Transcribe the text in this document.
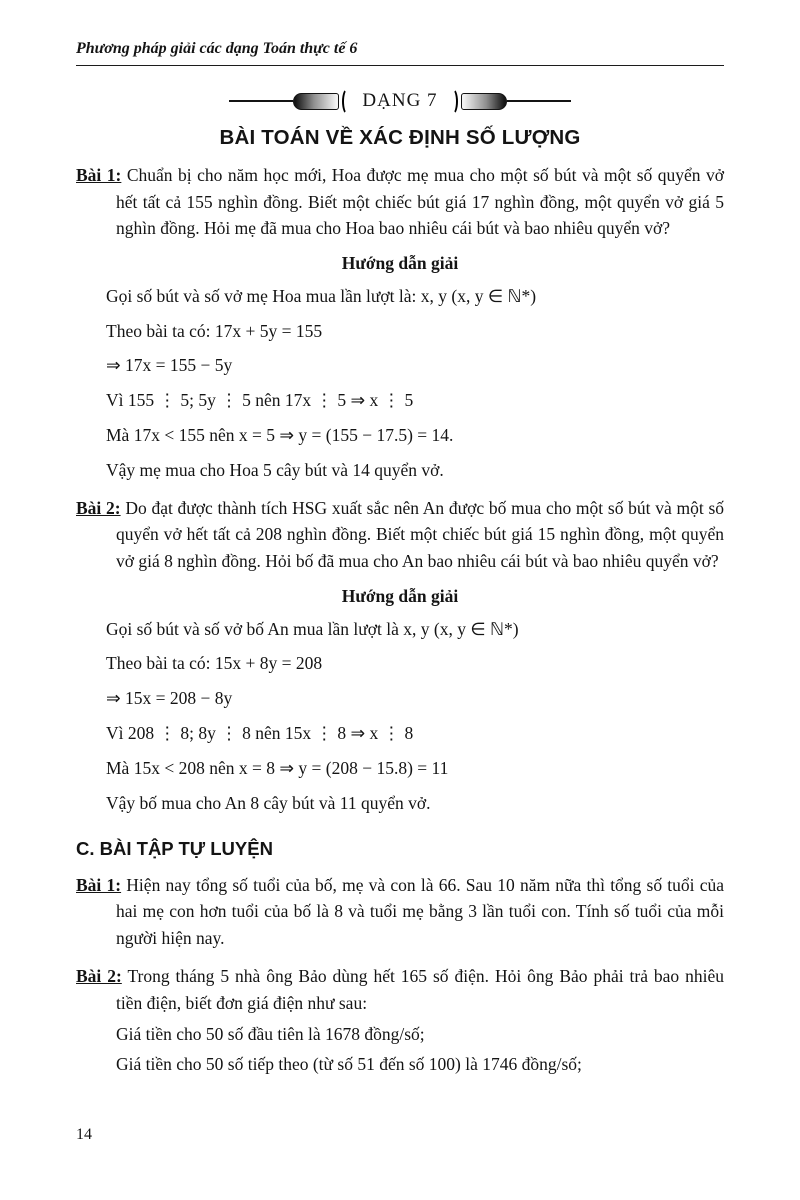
Phương pháp giải các dạng Toán thực tế 6
DẠNG 7
BÀI TOÁN VỀ XÁC ĐỊNH SỐ LƯỢNG

Bài 1: Chuẩn bị cho năm học mới, Hoa được mẹ mua cho một số bút và một số quyển vở hết tất cả 155 nghìn đồng. Biết một chiếc bút giá 17 nghìn đồng, một quyển vở giá 5 nghìn đồng. Hỏi mẹ đã mua cho Hoa bao nhiêu cái bút và bao nhiêu quyển vở?

Hướng dẫn giải

Gọi số bút và số vở mẹ Hoa mua lần lượt là: x, y (x, y ∈ ℕ*)

Theo bài ta có: 17x + 5y = 155

⇒ 17x = 155 − 5y

Vì 155 ⋮ 5; 5y ⋮ 5 nên 17x ⋮ 5 ⇒ x ⋮ 5

Mà 17x < 155 nên x = 5 ⇒ y = (155 − 17.5) = 14.

Vậy mẹ mua cho Hoa 5 cây bút và 14 quyển vở.

Bài 2: Do đạt được thành tích HSG xuất sắc nên An được bố mua cho một số bút và một số quyển vở hết tất cả 208 nghìn đồng. Biết một chiếc bút giá 15 nghìn đồng, một quyển vở giá 8 nghìn đồng. Hỏi bố đã mua cho An bao nhiêu cái bút và bao nhiêu quyển vở?

Hướng dẫn giải

Gọi số bút và số vở bố An mua lần lượt là x, y (x, y ∈ ℕ*)

Theo bài ta có: 15x + 8y = 208

⇒ 15x = 208 − 8y

Vì 208 ⋮ 8; 8y ⋮ 8 nên 15x ⋮ 8 ⇒ x ⋮ 8

Mà 15x < 208 nên x = 8 ⇒ y = (208 − 15.8) = 11

Vậy bố mua cho An 8 cây bút và 11 quyển vở.

C. BÀI TẬP TỰ LUYỆN

Bài 1: Hiện nay tổng số tuổi của bố, mẹ và con là 66. Sau 10 năm nữa thì tổng số tuổi của hai mẹ con hơn tuổi của bố là 8 và tuổi mẹ bằng 3 lần tuổi con. Tính số tuổi của mỗi người hiện nay.

Bài 2: Trong tháng 5 nhà ông Bảo dùng hết 165 số điện. Hỏi ông Bảo phải trả bao nhiêu tiền điện, biết đơn giá điện như sau:

Giá tiền cho 50 số đầu tiên là 1678 đồng/số;

Giá tiền cho 50 số tiếp theo (từ số 51 đến số 100) là 1746 đồng/số;

14
